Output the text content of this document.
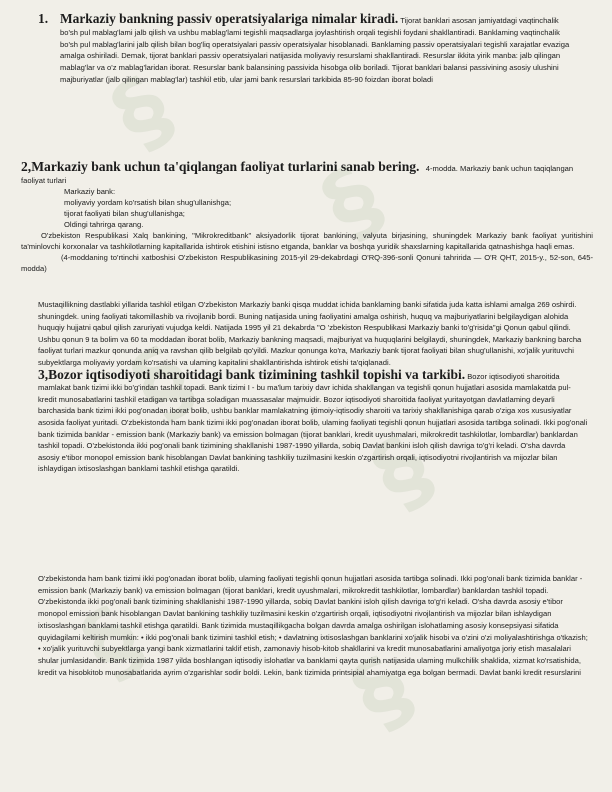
§
§
§
§
§ §
1. Markaziy bankning passiv operatsiyalariga nimalar kiradi. Tijorat banklari asosan jamiyatdagi vaqtinchalik bo'sh pul mablag'lami jalb qilish va ushbu mablag'lami tegishli maqsadlarga joylashtirish orqali tegishli foydani shakllantiradi. Banklaming vaqtinchalik bo'sh pul mablag'larini jalb qilish bilan bog'liq operatsiyalari passiv operatsiyalar hisoblanadi. Banklaming passiv operatsiyalari tegishli xarajatlar evaziga amalga oshiriladi. Demak, tijorat banklari passiv operatsiyalari natijasida moliyaviy resurslami shakllantiradi. Resurslar ikkita yirik manba: jalb qilingan mablag'lar va o'z mablag'laridan iborat. Resurslar bank balansining passivida hisobga olib boriladi. Tijorat banklari balansi passivining asosiy ulushini majburiyatlar (jalb qilingan mablag'lar) tashkil etib, ular jami bank resurslari tarkibida 85-90 foizdan iborat boladi
2,Markaziy bank uchun ta'qiqlangan faoliyat turlarini sanab bering. 4-modda. Markaziy bank uchun taqiqlangan faoliyat turlari
Markaziy bank:
moliyaviy yordam ko'rsatish bilan shug'ullanishga;
tijorat faoliyati bilan shug'ullanishga;
Oldingi tahrirga qarang.
O'zbekiston Respublikasi Xalq bankining, "Mikrokreditbank" aksiyadorlik tijorat bankining, valyuta birjasining, shuningdek Markaziy bank faoliyat yuritishini ta'minlovchi korxonalar va tashkilotlarning kapitallarida ishtirok etishini istisno etganda, banklar va boshqa yuridik shaxslarning kapitallarida qatnashishga haqli emas.
(4-moddaning to'rtinchi xatboshisi O'zbekiston Respublikasining 2015-yil 29-dekabrdagi O'RQ-396-sonli Qonuni tahririda — O'R QHT, 2015-y., 52-son, 645-modda)
Mustaqillikning dastlabki yillarida tashkil etilgan O'zbekiston Markaziy banki qisqa muddat ichida banklaming banki sifatida juda katta ishlami amalga 269 oshirdi. shuningdek. uning faoliyati takomillashib va rivojlanib bordi. Buning natijasida uning faoliyatini amalga oshirish, huquq va majburiyatlarini belgilaydigan alohida huquqiy hujjatni qabul qilish zaruriyati vujudga keldi. Natijada 1995 yil 21 dekabrda "O 'zbekiston Respublikasi Markaziy banki to'g'risida"gi Qonun qabul qilindi. Ushbu qonun 9 ta bolim va 60 ta moddadan iborat bolib, Markaziy bankning maqsadi, majburiyat va huquqlarini belgilaydi, shuningdek, Markaziy bankning barcha faoliyat turlari mazkur qonunda aniq va ravshan qilib belgilab qo'yildi. Mazkur qonunga ko'ra, Markaziy bank tijorat faoliyati bilan shug'ullanishi, xo'jalik yurituvchi subyektlarga moliyaviy yordam ko'rsatishi va ulaming kapitalini shakllantirishda ishtirok etishi ta'qiqlanadi.
3,Bozor iqtisodiyoti sharoitidagi bank tizimining tashkil topishi va tarkibi. Bozor iqtisodiyoti sharoitida mamlakat bank tizimi ikki bo'g'indan tashkil topadi. Bank tizimi I - bu ma'lum tarixiy davr ichida shakllangan va tegishli qonun hujjatlari asosida mamlakatda pul-kredit munosabatlarini tashkil etadigan va tartibga soladigan muassasalar majmuidir. Bozor iqtisodiyoti sharoitida faoliyat yuritayotgan davlatlaming deyarli barchasida bank tizimi ikki pog'onadan iborat bolib, ushbu banklar mamlakatning ijtimoiy-iqtisodiy sharoiti va tarixiy shakllanishiga qarab o'ziga xos xususiyatlar asosida faoliyat yuritadi. O'zbekistonda ham bank tizimi ikki pog'onadan iborat bolib, ulaming faoliyati tegishli qonun hujjatlari asosida tartibga solinadi. Ikki pog'onali bank tizimida banklar - emission bank (Markaziy bank) va emission bolmagan (tijorat banklari, kredit uyushmalari, mikrokredit tashkilotlar, lombardlar) banklardan tashkil topadi. O'zbekistonda ikki pog'onali bank tizimining shakllanishi 1987-1990 yillarda, sobiq Davlat bankini isloh qilish davriga to'g'ri keladi. O'sha davrda asosiy e'tibor monopol emission bank hisoblangan Davlat bankining tashkiliy tuzilmasini keskin o'zgartirish orqali, iqtisodiyotni rivojlantirish va mijozlar bilan ishlaydigan ixtisoslashgan banklami tashkil etishga qaratildi.
O'zbekistonda ham bank tizimi ikki pog'onadan iborat bolib, ulaming faoliyati tegishli qonun hujjatlari asosida tartibga solinadi. Ikki pog'onali bank tizimida banklar - emission bank (Markaziy bank) va emission bolmagan (tijorat banklari, kredit uyushmalari, mikrokredit tashkilotlar, lombardlar) banklardan tashkil topadi. O'zbekistonda ikki pog'onali bank tizimining shakllanishi 1987-1990 yillarda, sobiq Davlat bankini isloh qilish davriga to'g'ri keladi. O'sha davrda asosiy e'tibor monopol emission bank hisoblangan Davlat bankining tashkiliy tuzilmasini keskin o'zgartirish orqali, iqtisodiyotni rivojlantirish va mijozlar bilan ishlaydigan ixtisoslashgan banklami tashkil etishga qaratildi. Bank tizimida mustaqillikgacha bolgan davrda amalga oshirilgan islohatlaming asosiy konsepsiyasi sifatida quyidagilami keltirish mumkin: • ikki pog'onali bank tizimini tashkil etish; • davlatning ixtisoslashgan banklarini xo'jalik hisobi va o'zini o'zi moliyalashtirishga o'tkazish; • xo'jalik yurituvchi subyektlarga yangi bank xizmatlarini taklif etish, zamonaviy hisob-kitob shakllarini va kredit munosabatlarini amaliyotga joriy etish masalalari shular jumlasidandir. Bank tizimida 1987 yilda boshlangan iqtisodiy islohatlar va banklami qayta qurish natijasida ulaming mulkchilik shaklida, xizmat ko'rsatishida, kredit va hisobkitob munosabatlarida ayrim o'zgarishlar sodir boldi. Lekin, bank tizimida printsipial ahamiyatga ega bolgan bermadi. Davlat banki kredit resurslarini
